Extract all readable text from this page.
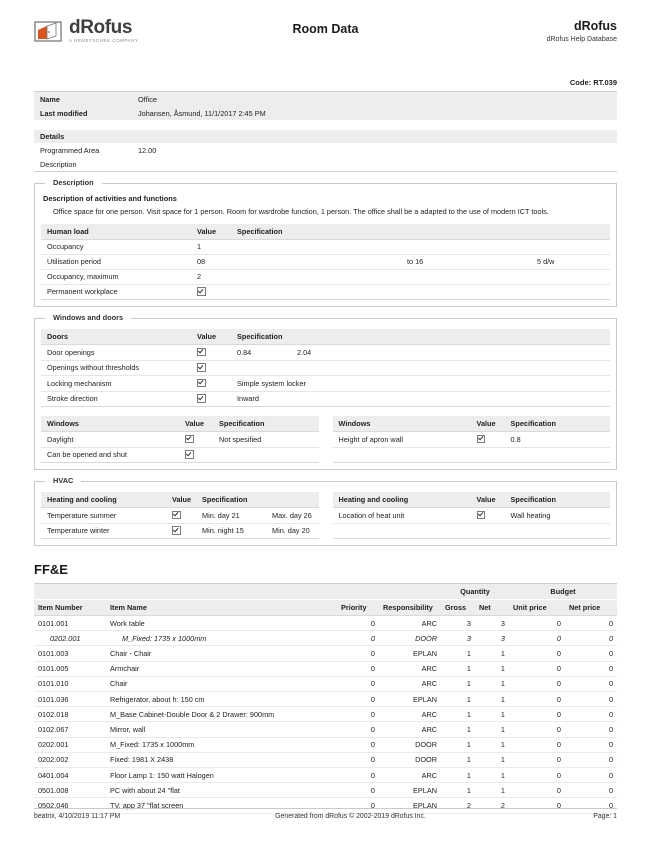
dRofus
A NEMETSCHEK COMPANY
Room Data	dRofus
dRofus Help Database
Code: RT.039
Name	Office
Last modified	Johansen, Åsmund, 11/1/2017 2:45 PM
Details
Programmed Area	12.00
Description	
Description
Description of activities and functions
Office space for one person. Visit space for 1 person. Room for wardrobe function, 1 person. The office shall be a adapted to the use of modern ICT tools.
Human load	Value	Specification		
Occupancy	1			
Utilisation period	08		to 16	5 d/w
Occupancy, maximum	2			
Permanent workplace				
Windows and doors
Doors	Value	Specification	
Door openings		0.84	2.04
Openings without thresholds			
Locking mechanism		Simple system locker	
Stroke direction		Inward	
Windows	Value	Specification
Daylight		Not spesified
Can be opened and shut		
Windows	Value	Specification
Height of apron wall		0.8

HVAC
Heating and cooling	Value	Specification	
Temperature summer		Min. day 21	Max. day 26
Temperature winter		Min. night 15	Min. day 20
Heating and cooling	Value	Specification
Location of heat unit		Wall heating

FF&E
				Quantity		Budget	
Item Number	Item Name	Priority	Responsibility	Gross	Net	Unit price	Net price
0101.001	Work table	0	ARC	3	3	0	0
0202.001	M_Fixed: 1735 x 1000mm	0	DOOR	3	3	0	0
0101.003	Chair - Chair	0	EPLAN	1	1	0	0
0101.005	Armchair	0	ARC	1	1	0	0
0101.010	Chair	0	ARC	1	1	0	0
0101.036	Refrigerator, about h: 150 cm	0	EPLAN	1	1	0	0
0102.018	M_Base Cabinet-Double Door & 2 Drawer: 900mm	0	ARC	1	1	0	0
0102.067	Mirror, wall	0	ARC	1	1	0	0
0202.001	M_Fixed: 1735 x 1000mm	0	DOOR	1	1	0	0
0202.002	Fixed: 1981 X 2438	0	DOOR	1	1	0	0
0401.004	Floor Lamp 1: 150 watt Halogen	0	ARC	1	1	0	0
0501.008	PC with about 24 "flat	0	EPLAN	1	1	0	0
0502.046	TV, app 37 "flat screen	0	EPLAN	2	2	0	0
beatrix, 4/10/2019 11:17 PM	Generated from dRofus © 2002-2019 dRofus Inc.	Page: 1
